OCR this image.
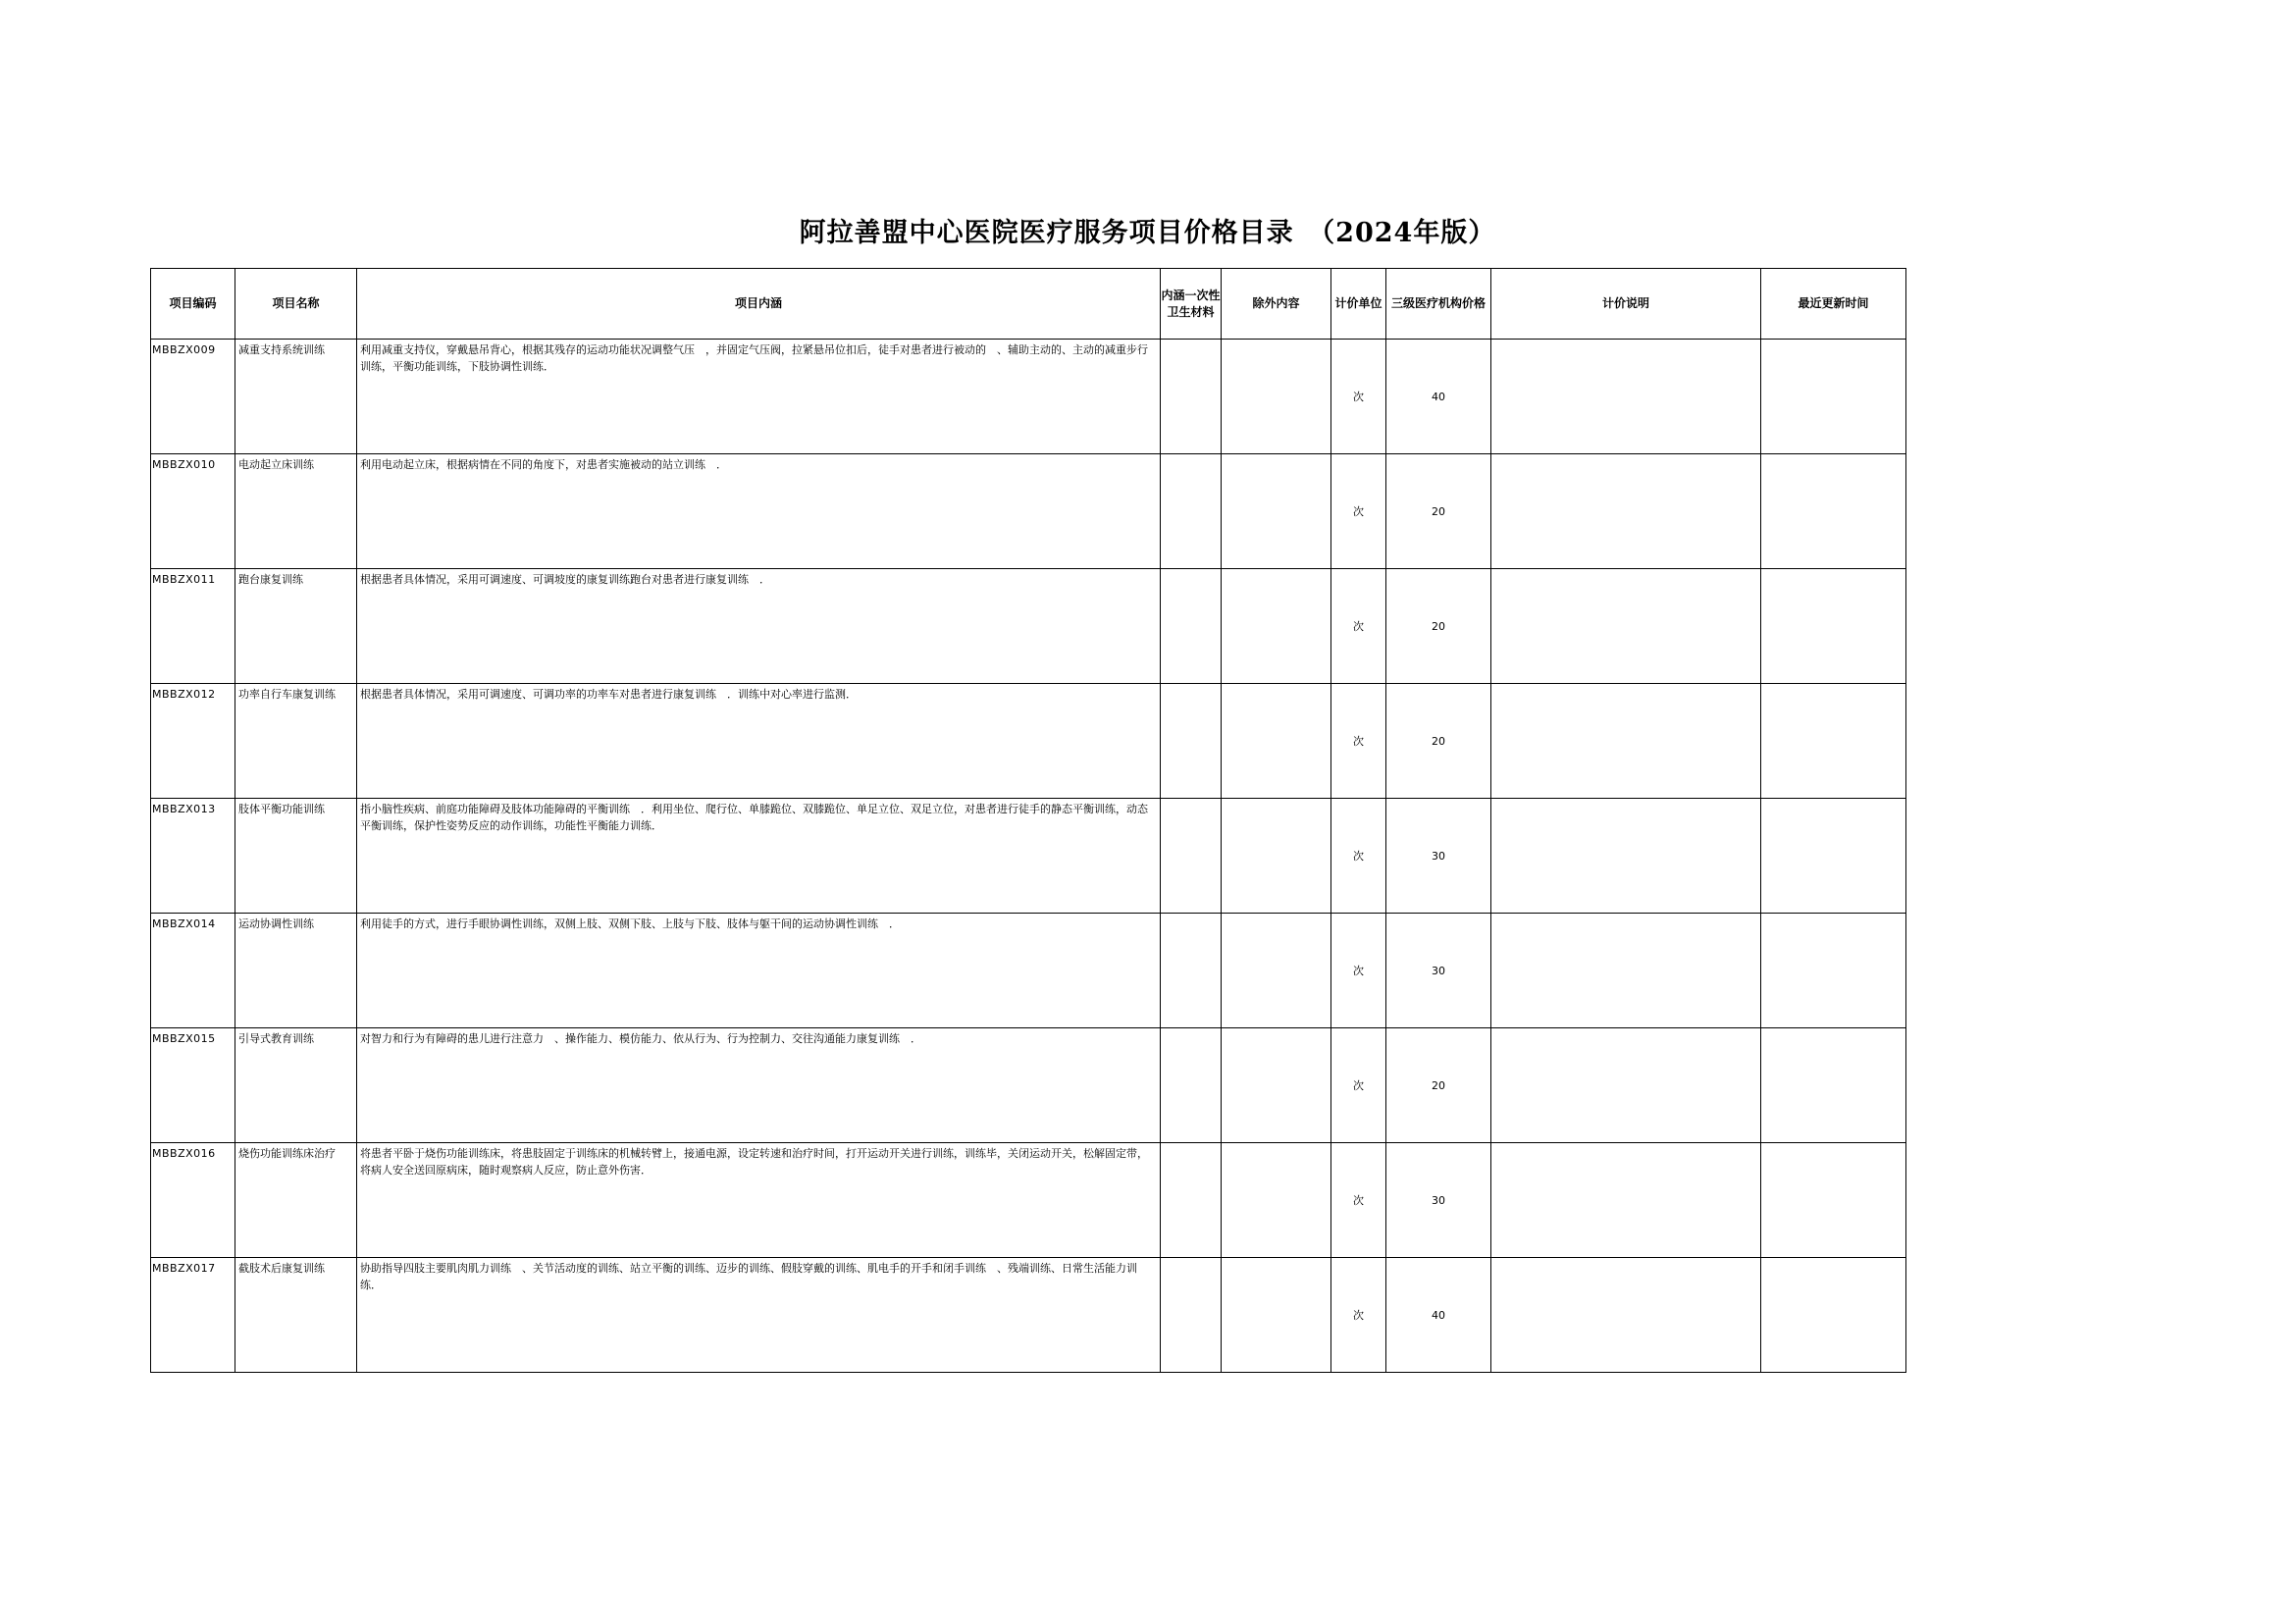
阿拉善盟中心医院医疗服务项目价格目录　（2024年版）
项目编码	项目名称	项目内涵	内涵一次性卫生材料	除外内容	计价单位	三级医疗机构价格	计价说明	最近更新时间
MBBZX009	减重支持系统训练	利用减重支持仪，穿戴悬吊背心，根据其残存的运动功能状况调整气压　，并固定气压阀，拉紧悬吊位扣后，徒手对患者进行被动的　、辅助主动的、主动的减重步行训练，平衡功能训练，下肢协调性训练．			次	40		
MBBZX010	电动起立床训练	利用电动起立床，根据病情在不同的角度下，对患者实施被动的站立训练　．			次	20		
MBBZX011	跑台康复训练	根据患者具体情况，采用可调速度、可调坡度的康复训练跑台对患者进行康复训练　．			次	20		
MBBZX012	功率自行车康复训练	根据患者具体情况，采用可调速度、可调功率的功率车对患者进行康复训练　．训练中对心率进行监测．			次	20		
MBBZX013	肢体平衡功能训练	指小脑性疾病、前庭功能障碍及肢体功能障碍的平衡训练　．利用坐位、爬行位、单膝跪位、双膝跪位、单足立位、双足立位，对患者进行徒手的静态平衡训练，动态平衡训练，保护性姿势反应的动作训练，功能性平衡能力训练．			次	30		
MBBZX014	运动协调性训练	利用徒手的方式，进行手眼协调性训练，双侧上肢、双侧下肢、上肢与下肢、肢体与躯干间的运动协调性训练　．			次	30		
MBBZX015	引导式教育训练	对智力和行为有障碍的患儿进行注意力　、操作能力、模仿能力、依从行为、行为控制力、交往沟通能力康复训练　．			次	20		
MBBZX016	烧伤功能训练床治疗	将患者平卧于烧伤功能训练床，将患肢固定于训练床的机械转臂上，接通电源，设定转速和治疗时间，打开运动开关进行训练，训练毕，关闭运动开关，松解固定带，将病人安全送回原病床，随时观察病人反应，防止意外伤害．			次	30		
MBBZX017	截肢术后康复训练	协助指导四肢主要肌肉肌力训练　、关节活动度的训练、站立平衡的训练、迈步的训练、假肢穿戴的训练、肌电手的开手和闭手训练　、残端训练、日常生活能力训练．			次	40		
